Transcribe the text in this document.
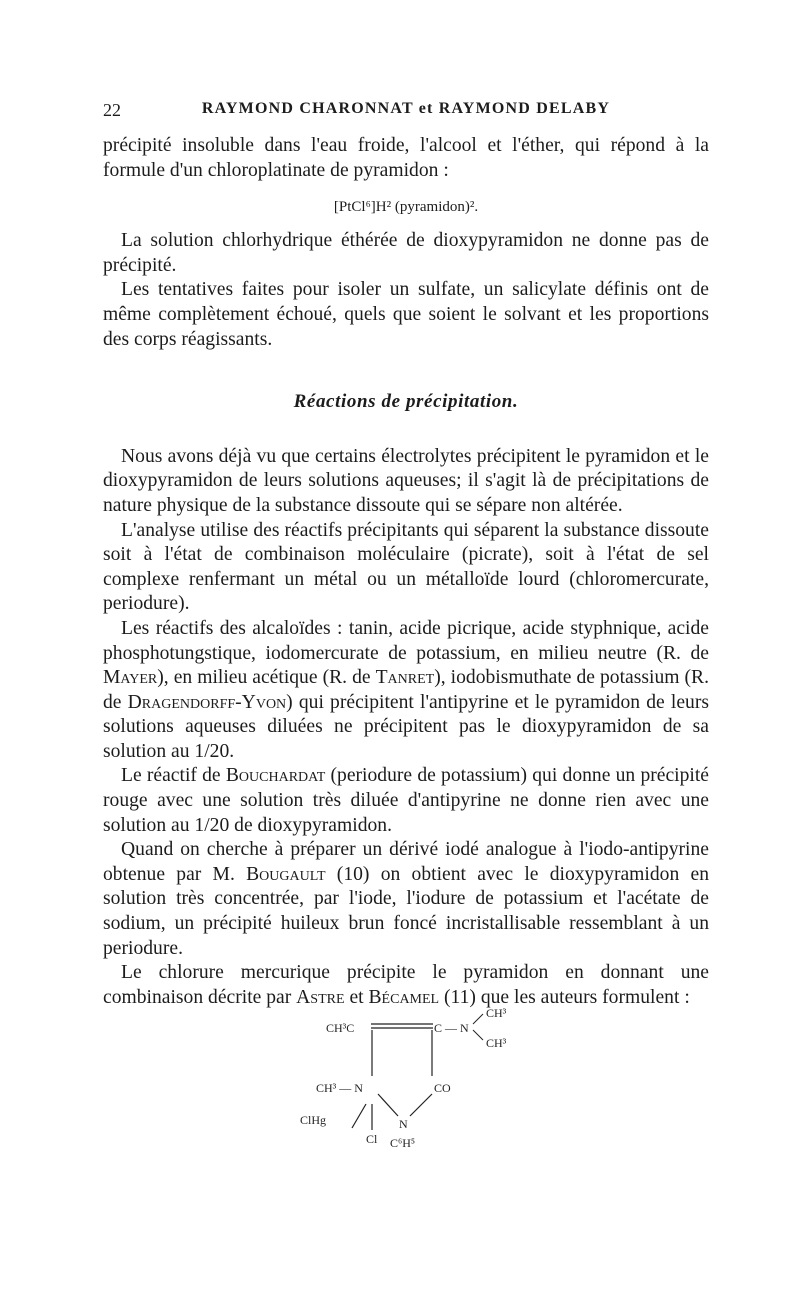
22	RAYMOND CHARONNAT et RAYMOND DELABY

précipité insoluble dans l'eau froide, l'alcool et l'éther, qui répond à la formule d'un chloroplatinate de pyramidon :

[PtCl⁶]H² (pyramidon)².

La solution chlorhydrique éthérée de dioxypyramidon ne donne pas de précipité.

Les tentatives faites pour isoler un sulfate, un salicylate définis ont de même complètement échoué, quels que soient le solvant et les proportions des corps réagissants.

Réactions de précipitation.

Nous avons déjà vu que certains électrolytes précipitent le pyramidon et le dioxypyramidon de leurs solutions aqueuses; il s'agit là de précipitations de nature physique de la substance dissoute qui se sépare non altérée.

L'analyse utilise des réactifs précipitants qui séparent la substance dissoute soit à l'état de combinaison moléculaire (picrate), soit à l'état de sel complexe renfermant un métal ou un métalloïde lourd (chloromercurate, periodure).

Les réactifs des alcaloïdes : tanin, acide picrique, acide styphnique, acide phosphotungstique, iodomercurate de potassium, en milieu neutre (R. de Mayer), en milieu acétique (R. de Tanret), iodobismuthate de potassium (R. de Dragendorff-Yvon) qui précipitent l'antipyrine et le pyramidon de leurs solutions aqueuses diluées ne précipitent pas le dioxypyramidon de sa solution au 1/20.

Le réactif de Bouchardat (periodure de potassium) qui donne un précipité rouge avec une solution très diluée d'antipyrine ne donne rien avec une solution au 1/20 de dioxypyramidon.

Quand on cherche à préparer un dérivé iodé analogue à l'iodo-antipyrine obtenue par M. Bougault (10) on obtient avec le dioxypyramidon en solution très concentrée, par l'iode, l'iodure de potassium et l'acétate de sodium, un précipité huileux brun foncé incristallisable ressemblant à un periodure.

Le chlorure mercurique précipite le pyramidon en donnant une combinaison décrite par Astre et Bécamel (11) que les auteurs formulent :

CH³C	C — N
CH³
CH³
CH³ — N	CO
ClHg	N
Cl C⁶H⁵
